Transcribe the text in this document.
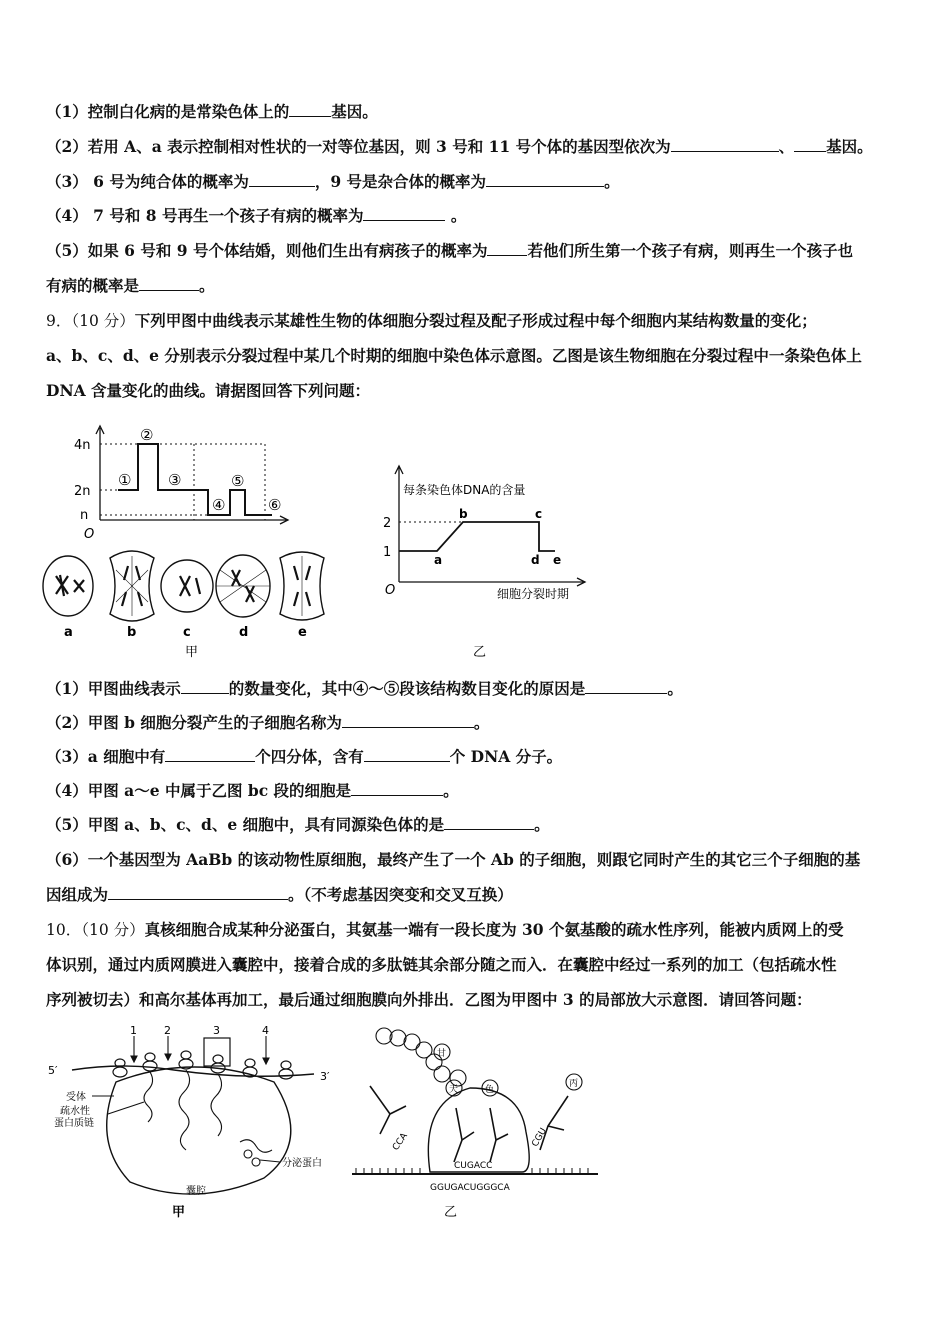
（1）控制白化病的是常染色体上的	基因。
（2）若用 A、a 表示控制相对性状的一对等位基因，则 3 号和 11 号个体的基因型依次为	、 基因。
（3） 6 号为纯合体的概率为	，9 号是杂合体的概率为	。
（4） 7 号和 8 号再生一个孩子有病的概率为	。
（5）如果 6 号和 9 号个体结婚，则他们生出有病孩子的概率为	若他们所生第一个孩子有病，则再生一个孩子也
有病的概率是	。
9．（10 分）下列甲图中曲线表示某雄性生物的体细胞分裂过程及配子形成过程中每个细胞内某结构数量的变化；
a、b、c、d、e 分别表示分裂过程中某几个时期的细胞中染色体示意图。乙图是该生物细胞在分裂过程中一条染色体上
DNA 含量变化的曲线。请据图回答下列问题：
4n
2n
n
O
①
②
③
④
⑤
⑥
a	b	c	d	e
甲
每条染色体DNA的含量
2
1
O
a
b	c
d e
细胞分裂时期
乙
（1）甲图曲线表示	的数量变化，其中④～⑤段该结构数目变化的原因是	。
（2）甲图 b 细胞分裂产生的子细胞名称为	。
（3）a 细胞中有	个四分体，含有	个 DNA 分子。
（4）甲图 a～e 中属于乙图 bc 段的细胞是	。
（5）甲图 a、b、c、d、e 细胞中，具有同源染色体的是	。
（6）一个基因型为 AaBb 的该动物性原细胞，最终产生了一个 Ab 的子细胞，则跟它同时产生的其它三个子细胞的基
因组成为	。（不考虑基因突变和交叉互换）
10．（10 分）真核细胞合成某种分泌蛋白，其氨基一端有一段长度为 30 个氨基酸的疏水性序列，能被内质网上的受
体识别，通过内质网膜进入囊腔中，接着合成的多肽链其余部分随之而入．在囊腔中经过一系列的加工（包括疏水性
序列被切去）和高尔基体再加工，最后通过细胞膜向外排出．乙图为甲图中 3 的局部放大示意图．请回答问题：
1 2	3	4
5′	3′
受体
疏水性
蛋白质链
分泌蛋白
囊腔
甲
甘
天	色
丙
CCA
CUGACC
CGU
GGUGACUGGGCA
乙
